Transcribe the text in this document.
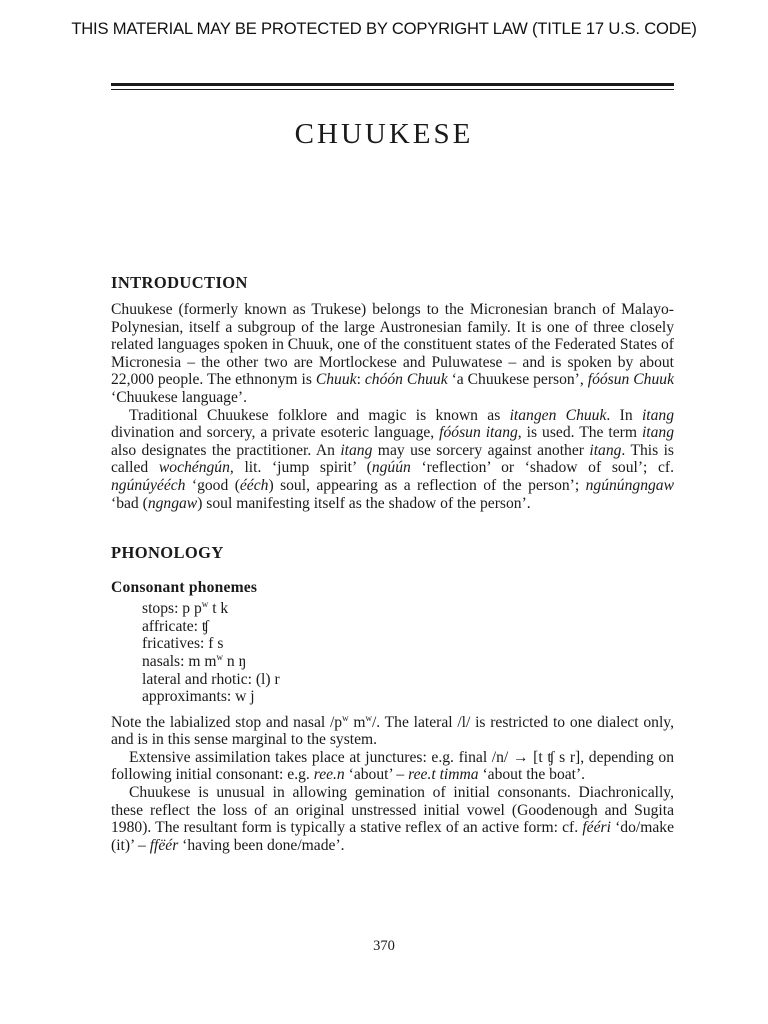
THIS MATERIAL MAY BE PROTECTED BY COPYRIGHT LAW (TITLE 17 U.S. CODE)
CHUUKESE
INTRODUCTION

Chuukese (formerly known as Trukese) belongs to the Micronesian branch of Malayo-Polynesian, itself a subgroup of the large Austronesian family. It is one of three closely related languages spoken in Chuuk, one of the constituent states of the Federated States of Micronesia – the other two are Mortlockese and Puluwatese – and is spoken by about 22,000 people. The ethnonym is Chuuk: chóón Chuuk ‘a Chuukese person’, fóósun Chuuk ‘Chuukese language’.

Traditional Chuukese folklore and magic is known as itangen Chuuk. In itang divination and sorcery, a private esoteric language, fóósun itang, is used. The term itang also designates the practitioner. An itang may use sorcery against another itang. This is called wochéngún, lit. ‘jump spirit’ (ngúún ‘reflection’ or ‘shadow of soul’; cf. ngúnúyééch ‘good (ééch) soul, appearing as a reflection of the person’; ngúnúngngaw ‘bad (ngngaw) soul manifesting itself as the shadow of the person’.

PHONOLOGY
Consonant phonemes
stops: p $p^w$ t k
affricate: ʧ
fricatives: f s
nasals: m $m^w$ n ŋ
lateral and rhotic: (l) r
approximants: w j

Note the labialized stop and nasal $/p^w$ $m^w/$. The lateral /l/ is restricted to one dialect only, and is in this sense marginal to the system.

Extensive assimilation takes place at junctures: e.g. final /n/ → [t ʧ s r], depending on following initial consonant: e.g. ree.n ‘about’ – ree.t timma ‘about the boat’.

Chuukese is unusual in allowing gemination of initial consonants. Diachronically, these reflect the loss of an original unstressed initial vowel (Goodenough and Sugita 1980). The resultant form is typically a stative reflex of an active form: cf. fééri ‘do/make (it)’ – ffëér ‘having been done/made’.

370
